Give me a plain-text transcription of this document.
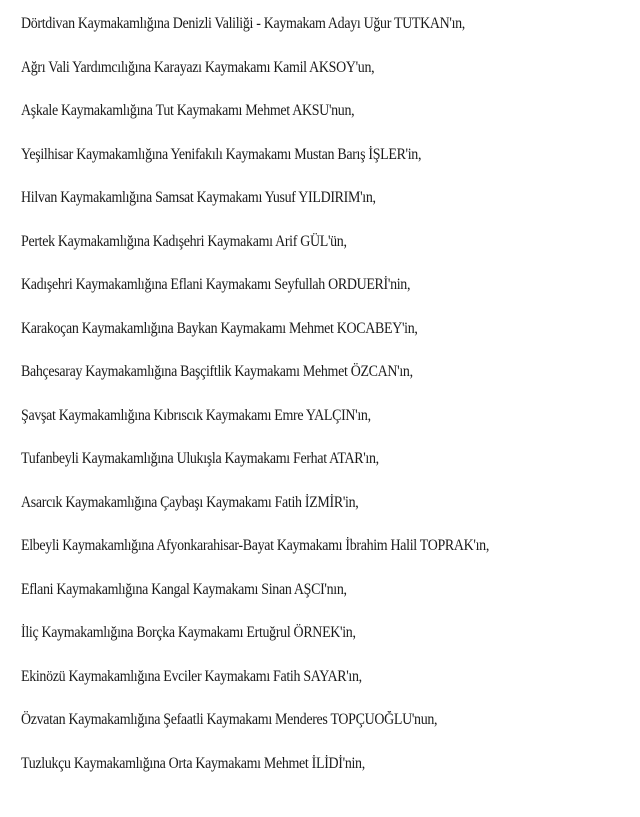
Dörtdivan Kaymakamlığına Denizli Valiliği - Kaymakam Adayı Uğur TUTKAN'ın,
Ağrı Vali Yardımcılığına Karayazı Kaymakamı Kamil AKSOY'un,
Aşkale Kaymakamlığına Tut Kaymakamı Mehmet AKSU'nun,
Yeşilhisar Kaymakamlığına Yenifakılı Kaymakamı Mustan Barış İŞLER'in,
Hilvan Kaymakamlığına Samsat Kaymakamı Yusuf YILDIRIM'ın,
Pertek Kaymakamlığına Kadışehri Kaymakamı Arif GÜL'ün,
Kadışehri Kaymakamlığına Eflani Kaymakamı Seyfullah ORDUERİ'nin,
Karakoçan Kaymakamlığına Baykan Kaymakamı Mehmet KOCABEY'in,
Bahçesaray Kaymakamlığına Başçiftlik Kaymakamı Mehmet ÖZCAN'ın,
Şavşat Kaymakamlığına Kıbrıscık Kaymakamı Emre YALÇIN'ın,
Tufanbeyli Kaymakamlığına Ulukışla Kaymakamı Ferhat ATAR'ın,
Asarcık Kaymakamlığına Çaybaşı Kaymakamı Fatih İZMİR'in,
Elbeyli Kaymakamlığına Afyonkarahisar-Bayat Kaymakamı İbrahim Halil TOPRAK'ın,
Eflani Kaymakamlığına Kangal Kaymakamı Sinan AŞCI'nın,
İliç Kaymakamlığına Borçka Kaymakamı Ertuğrul ÖRNEK'in,
Ekinözü Kaymakamlığına Evciler Kaymakamı Fatih SAYAR'ın,
Özvatan Kaymakamlığına Şefaatli Kaymakamı Menderes TOPÇUOĞLU'nun,
Tuzlukçu Kaymakamlığına Orta Kaymakamı Mehmet İLİDİ'nin,
